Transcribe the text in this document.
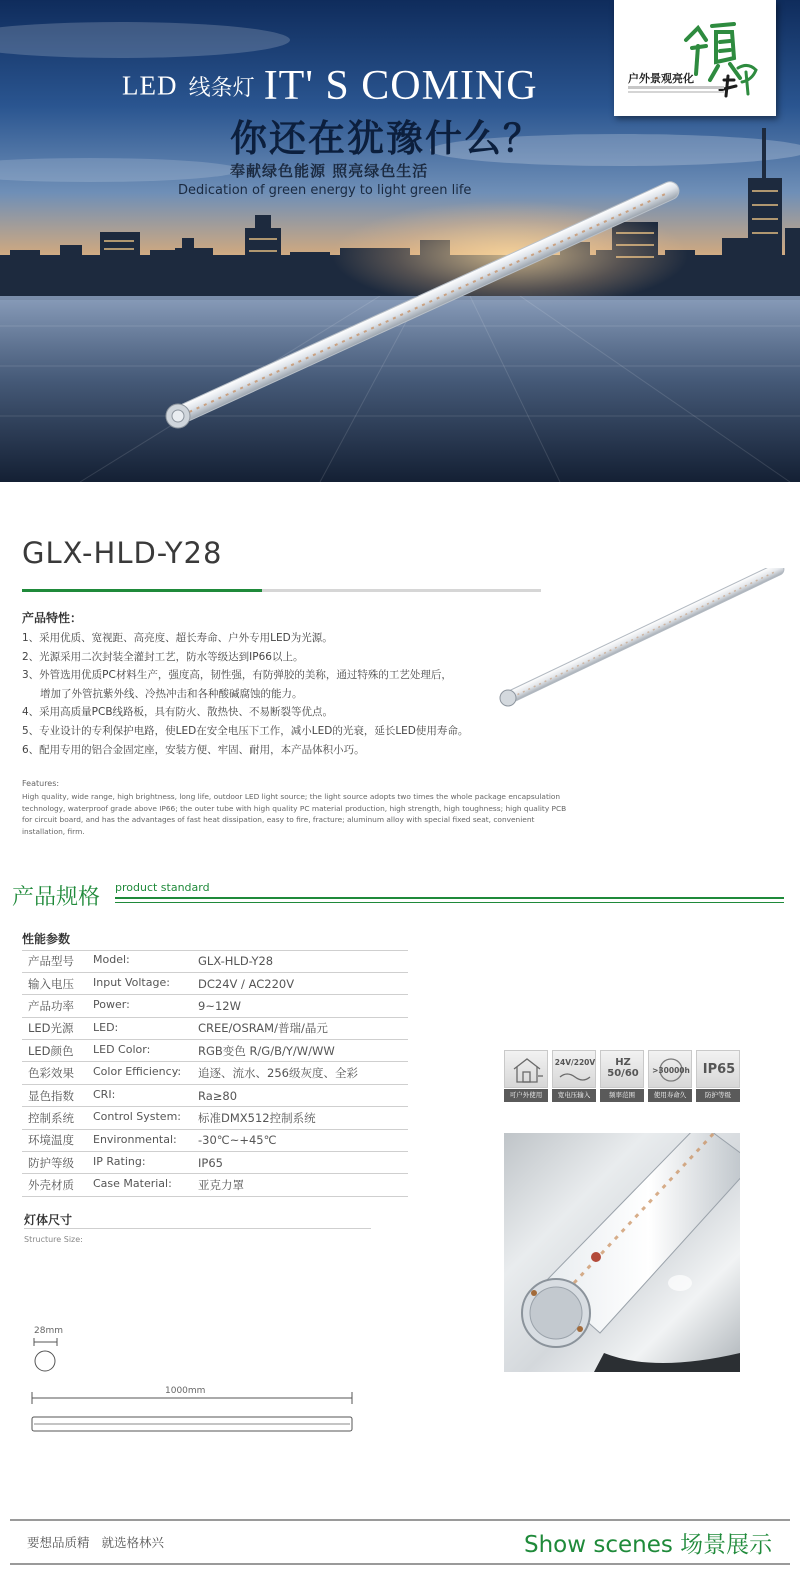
LED 线条灯 IT' S COMING
你还在犹豫什么？
奉献绿色能源 照亮绿色生活
Dedication of green energy to light green life
户外景观亮化
GLX-HLD-Y28
产品特性：
1、采用优质、宽视距、高亮度、超长寿命、户外专用LED为光源。
2、光源采用二次封装全灌封工艺，防水等级达到IP66以上。
3、外管选用优质PC材料生产，强度高，韧性强，有防弹胶的美称，通过特殊的工艺处理后，
增加了外管抗紫外线、冷热冲击和各种酸碱腐蚀的能力。
4、采用高质量PCB线路板，具有防火、散热快、不易断裂等优点。
5、专业设计的专利保护电路，使LED在安全电压下工作，减小LED的光衰，延长LED使用寿命。
6、配用专用的铝合金固定座，安装方便、牢固、耐用，本产品体积小巧。
Features:
High quality, wide range, high brightness, long life, outdoor LED light source; the light source adopts two times the whole package encapsulation technology, waterproof grade above IP66; the outer tube with high quality PC material production, high strength, high toughness; high quality PCB for circuit board, and has the advantages of fast heat dissipation, easy to fire, fracture; aluminum alloy with special fixed seat, convenient installation, firm.
产品规格 product standard
性能参数
产品型号	Model:	GLX-HLD-Y28
输入电压	Input Voltage:	DC24V / AC220V
产品功率	Power:	9~12W
LED光源	LED:	CREE/OSRAM/普瑞/晶元
LED颜色	LED Color:	RGB变色 R/G/B/Y/W/WW
色彩效果	Color Efficiency:	追逐、流水、256级灰度、全彩
显色指数	CRI:	Ra≥80
控制系统	Control System:	标准DMX512控制系统
环境温度	Environmental:	-30℃~+45℃
防护等级	IP Rating:	IP65
外壳材质	Case Material:	亚克力罩
可户外使用
24V/220V
宽电压输入
HZ 50/60
频率范围
>30000h
使用寿命久
IP65
防护等级
灯体尺寸
Structure Size:
28mm
1000mm
要想品质精 就选格林兴	Show scenes 场景展示
